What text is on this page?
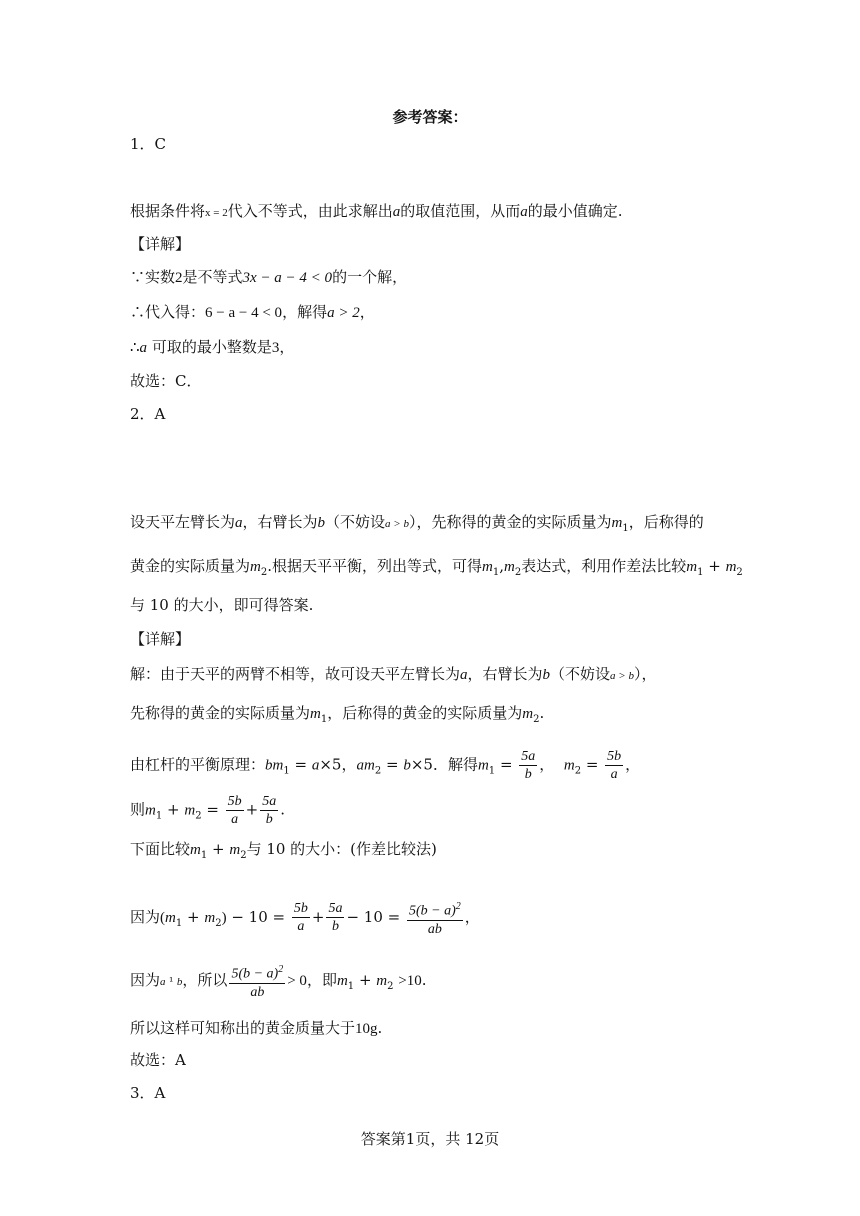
参考答案：
1．C
根据条件将x = 2代入不等式，由此求解出a的取值范围，从而a的最小值确定.
【详解】
∵实数2是不等式3x − a − 4 < 0的一个解，
∴代入得：6 − a − 4 < 0，解得a > 2，
∴a 可取的最小整数是3，
故选：C．
2．A
设天平左臂长为a，右臂长为b（不妨设a > b），先称得的黄金的实际质量为$m_1$，后称得的
黄金的实际质量为$m_2$.根据天平平衡，列出等式，可得$m_1,m_2$表达式，利用作差法比较$m_1 + m_2$
与 10 的大小，即可得答案.
【详解】
解：由于天平的两臂不相等，故可设天平左臂长为a，右臂长为b（不妨设a > b），
先称得的黄金的实际质量为$m_1$，后称得的黄金的实际质量为$m_2$.
由杠杆的平衡原理：$bm_1 = a\times 5$，$am_2 = b\times 5$．解得$m_1 = \frac{5a}{b}$ ， $m_2 = \frac{5b}{a}$ ，
则$m_1 + m_2 = \frac{5b}{a} + \frac{5a}{b}$ .
下面比较$m_1 + m_2$与 10 的大小：(作差比较法)
因为$(m_1 + m_2) - 10 = \frac{5b}{a} + \frac{5a}{b} - 10 = \frac{5(b - a)^2}{ab}$ ，
因为a ¹ b，所以 $\frac{5(b - a)^2}{ab} > 0$，即$m_1 + m_2 >10$.
所以这样可知称出的黄金质量大于10g.
故选：A
3．A
答案第1页，共 12页
